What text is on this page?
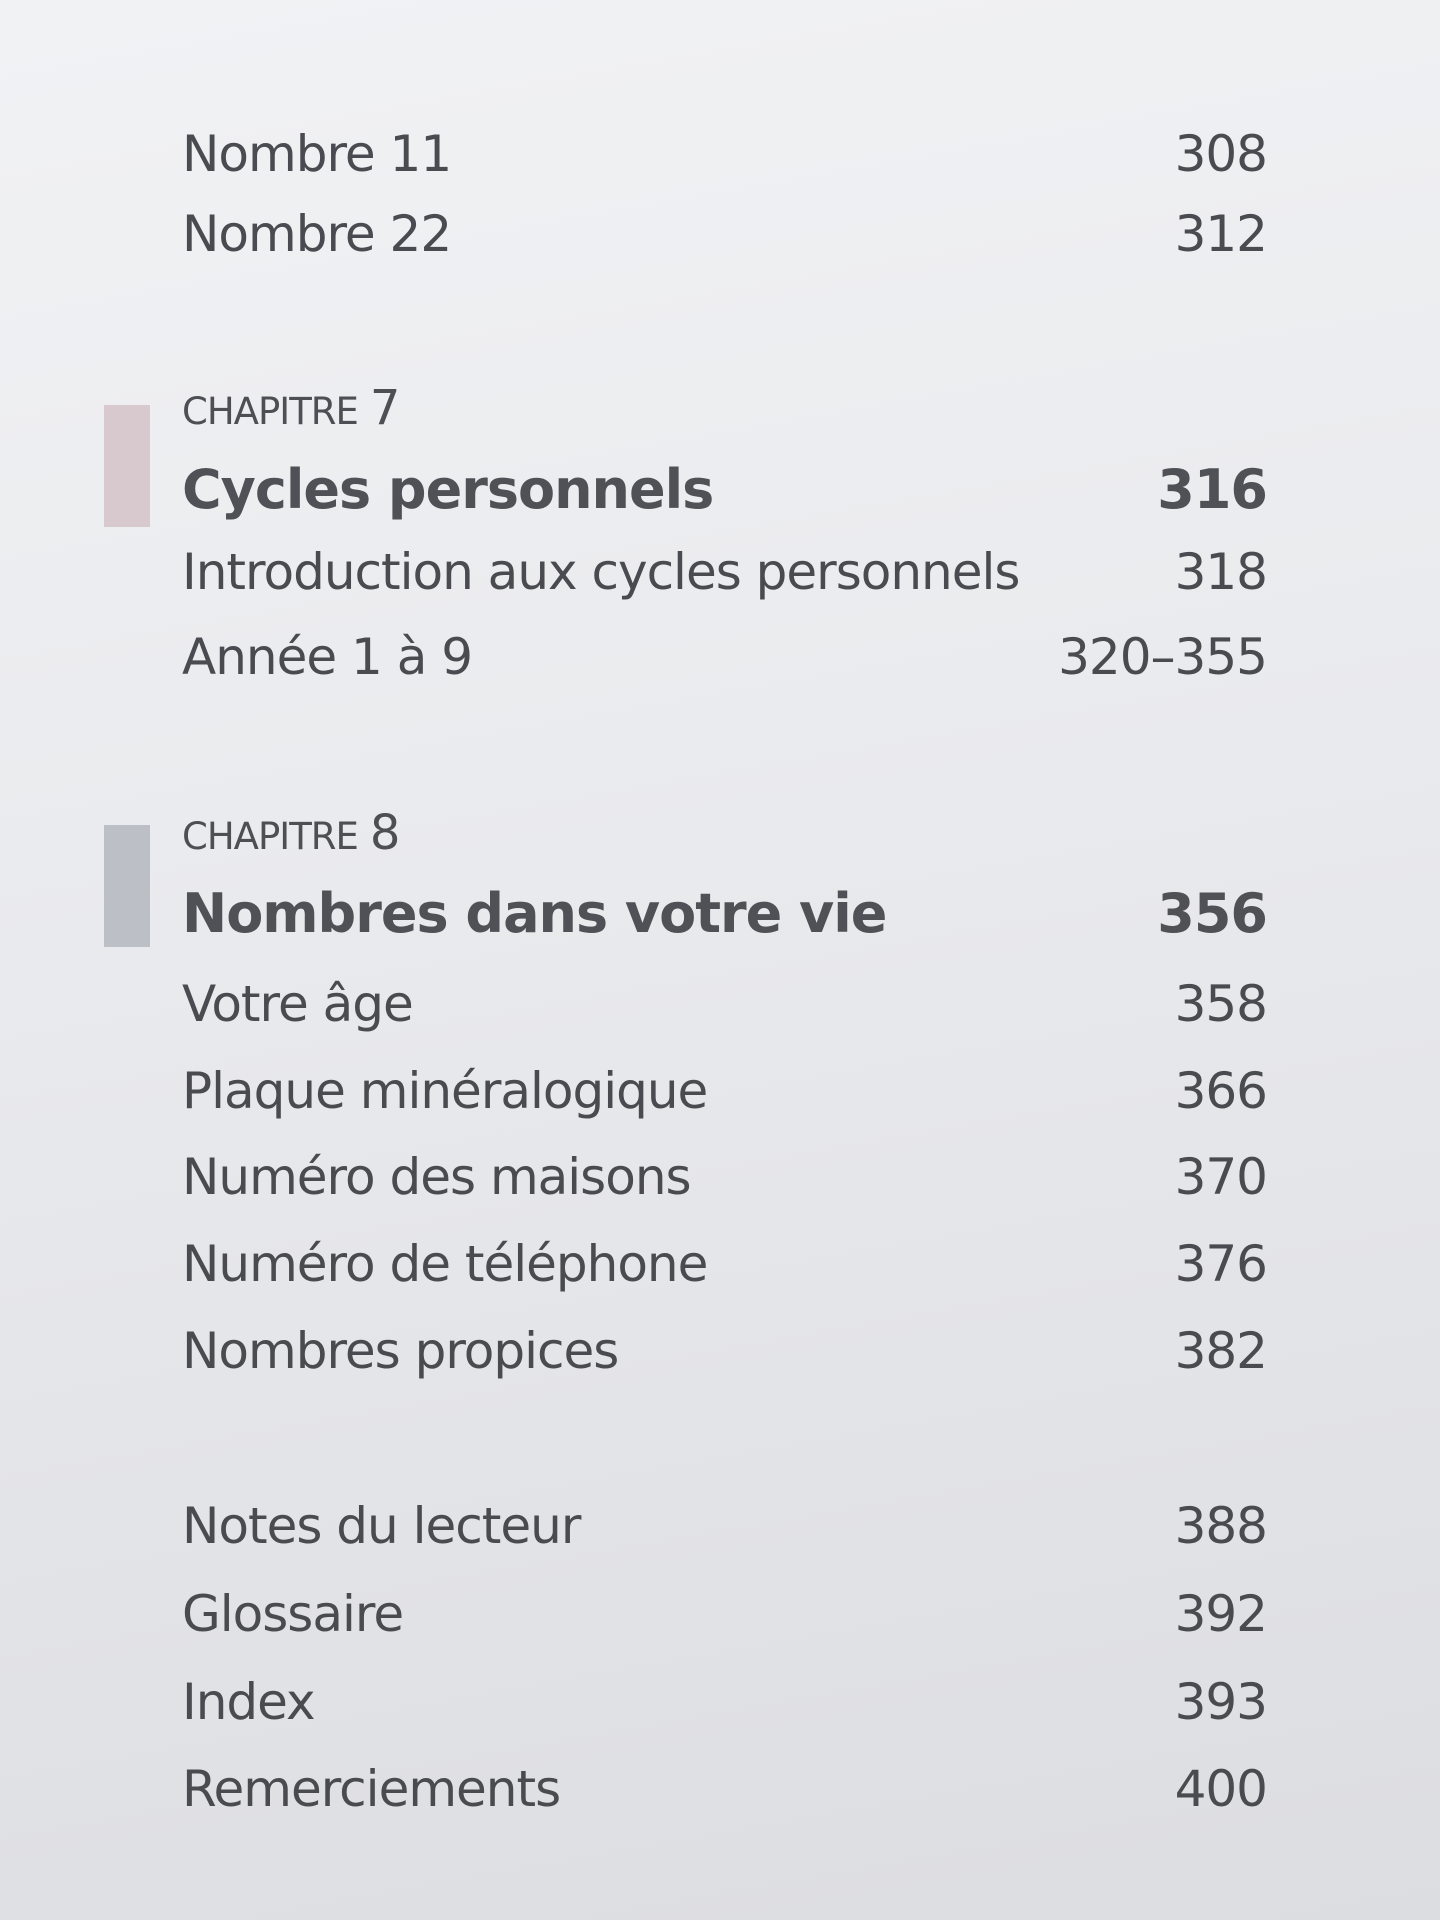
Nombre 11	308
Nombre 22	312
CHAPITRE 7
Cycles personnels	316
Introduction aux cycles personnels	318
Année 1 à 9	320–355
CHAPITRE 8
Nombres dans votre vie	356
Votre âge	358
Plaque minéralogique	366
Numéro des maisons	370
Numéro de téléphone	376
Nombres propices	382
Notes du lecteur	388
Glossaire	392
Index	393
Remerciements	400
